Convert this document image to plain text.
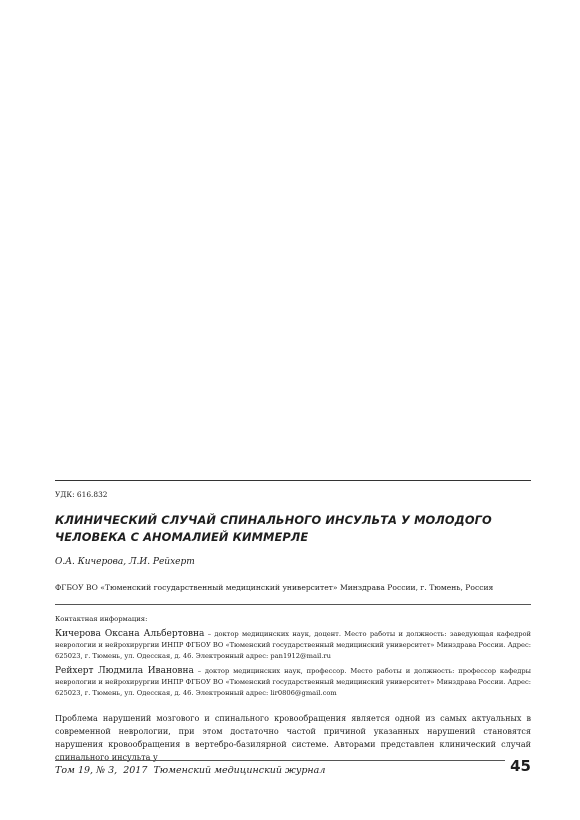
УДК: 616.832
КЛИНИЧЕСКИЙ СЛУЧАЙ СПИНАЛЬНОГО ИНСУЛЬТА У МОЛОДОГО
ЧЕЛОВЕКА С АНОМАЛИЕЙ КИММЕРЛЕ
О.А. Кичерова, Л.И. Рейхерт
ФГБОУ ВО «Тюменский государственный медицинский университет» Минздрава России, г. Тюмень, Россия
Контактная информация:
Кичерова Оксана Альбертовна – доктор медицинских наук, доцент. Место работы и должность: заведующая кафедрой неврологии и нейрохирургии ИНПР ФГБОУ ВО «Тюменский государственный медицинский университет» Минздрава России. Адрес: 625023, г. Тюмень, ул. Одесская, д. 46. Электронный адрес: pan1912@mail.ru
Рейхерт Людмила Ивановна – доктор медицинских наук, профессор. Место работы и должность: профессор кафедры неврологии и нейрохирургии ИНПР ФГБОУ ВО «Тюменский государственный медицинский университет» Минздрава России. Адрес: 625023, г. Тюмень, ул. Одесская, д. 46. Электронный адрес: lir0806@gmail.com
Проблема нарушений мозгового и спинального кровообращения является одной из самых актуальных в современной неврологии, при этом достаточно частой причиной указанных нарушений становятся нарушения кровообращения в вертебро-базилярной системе. Авторами представлен клинический случай спинального инсульта у
Том 19, № 3, 2017 Тюменский медицинский журнал	45
